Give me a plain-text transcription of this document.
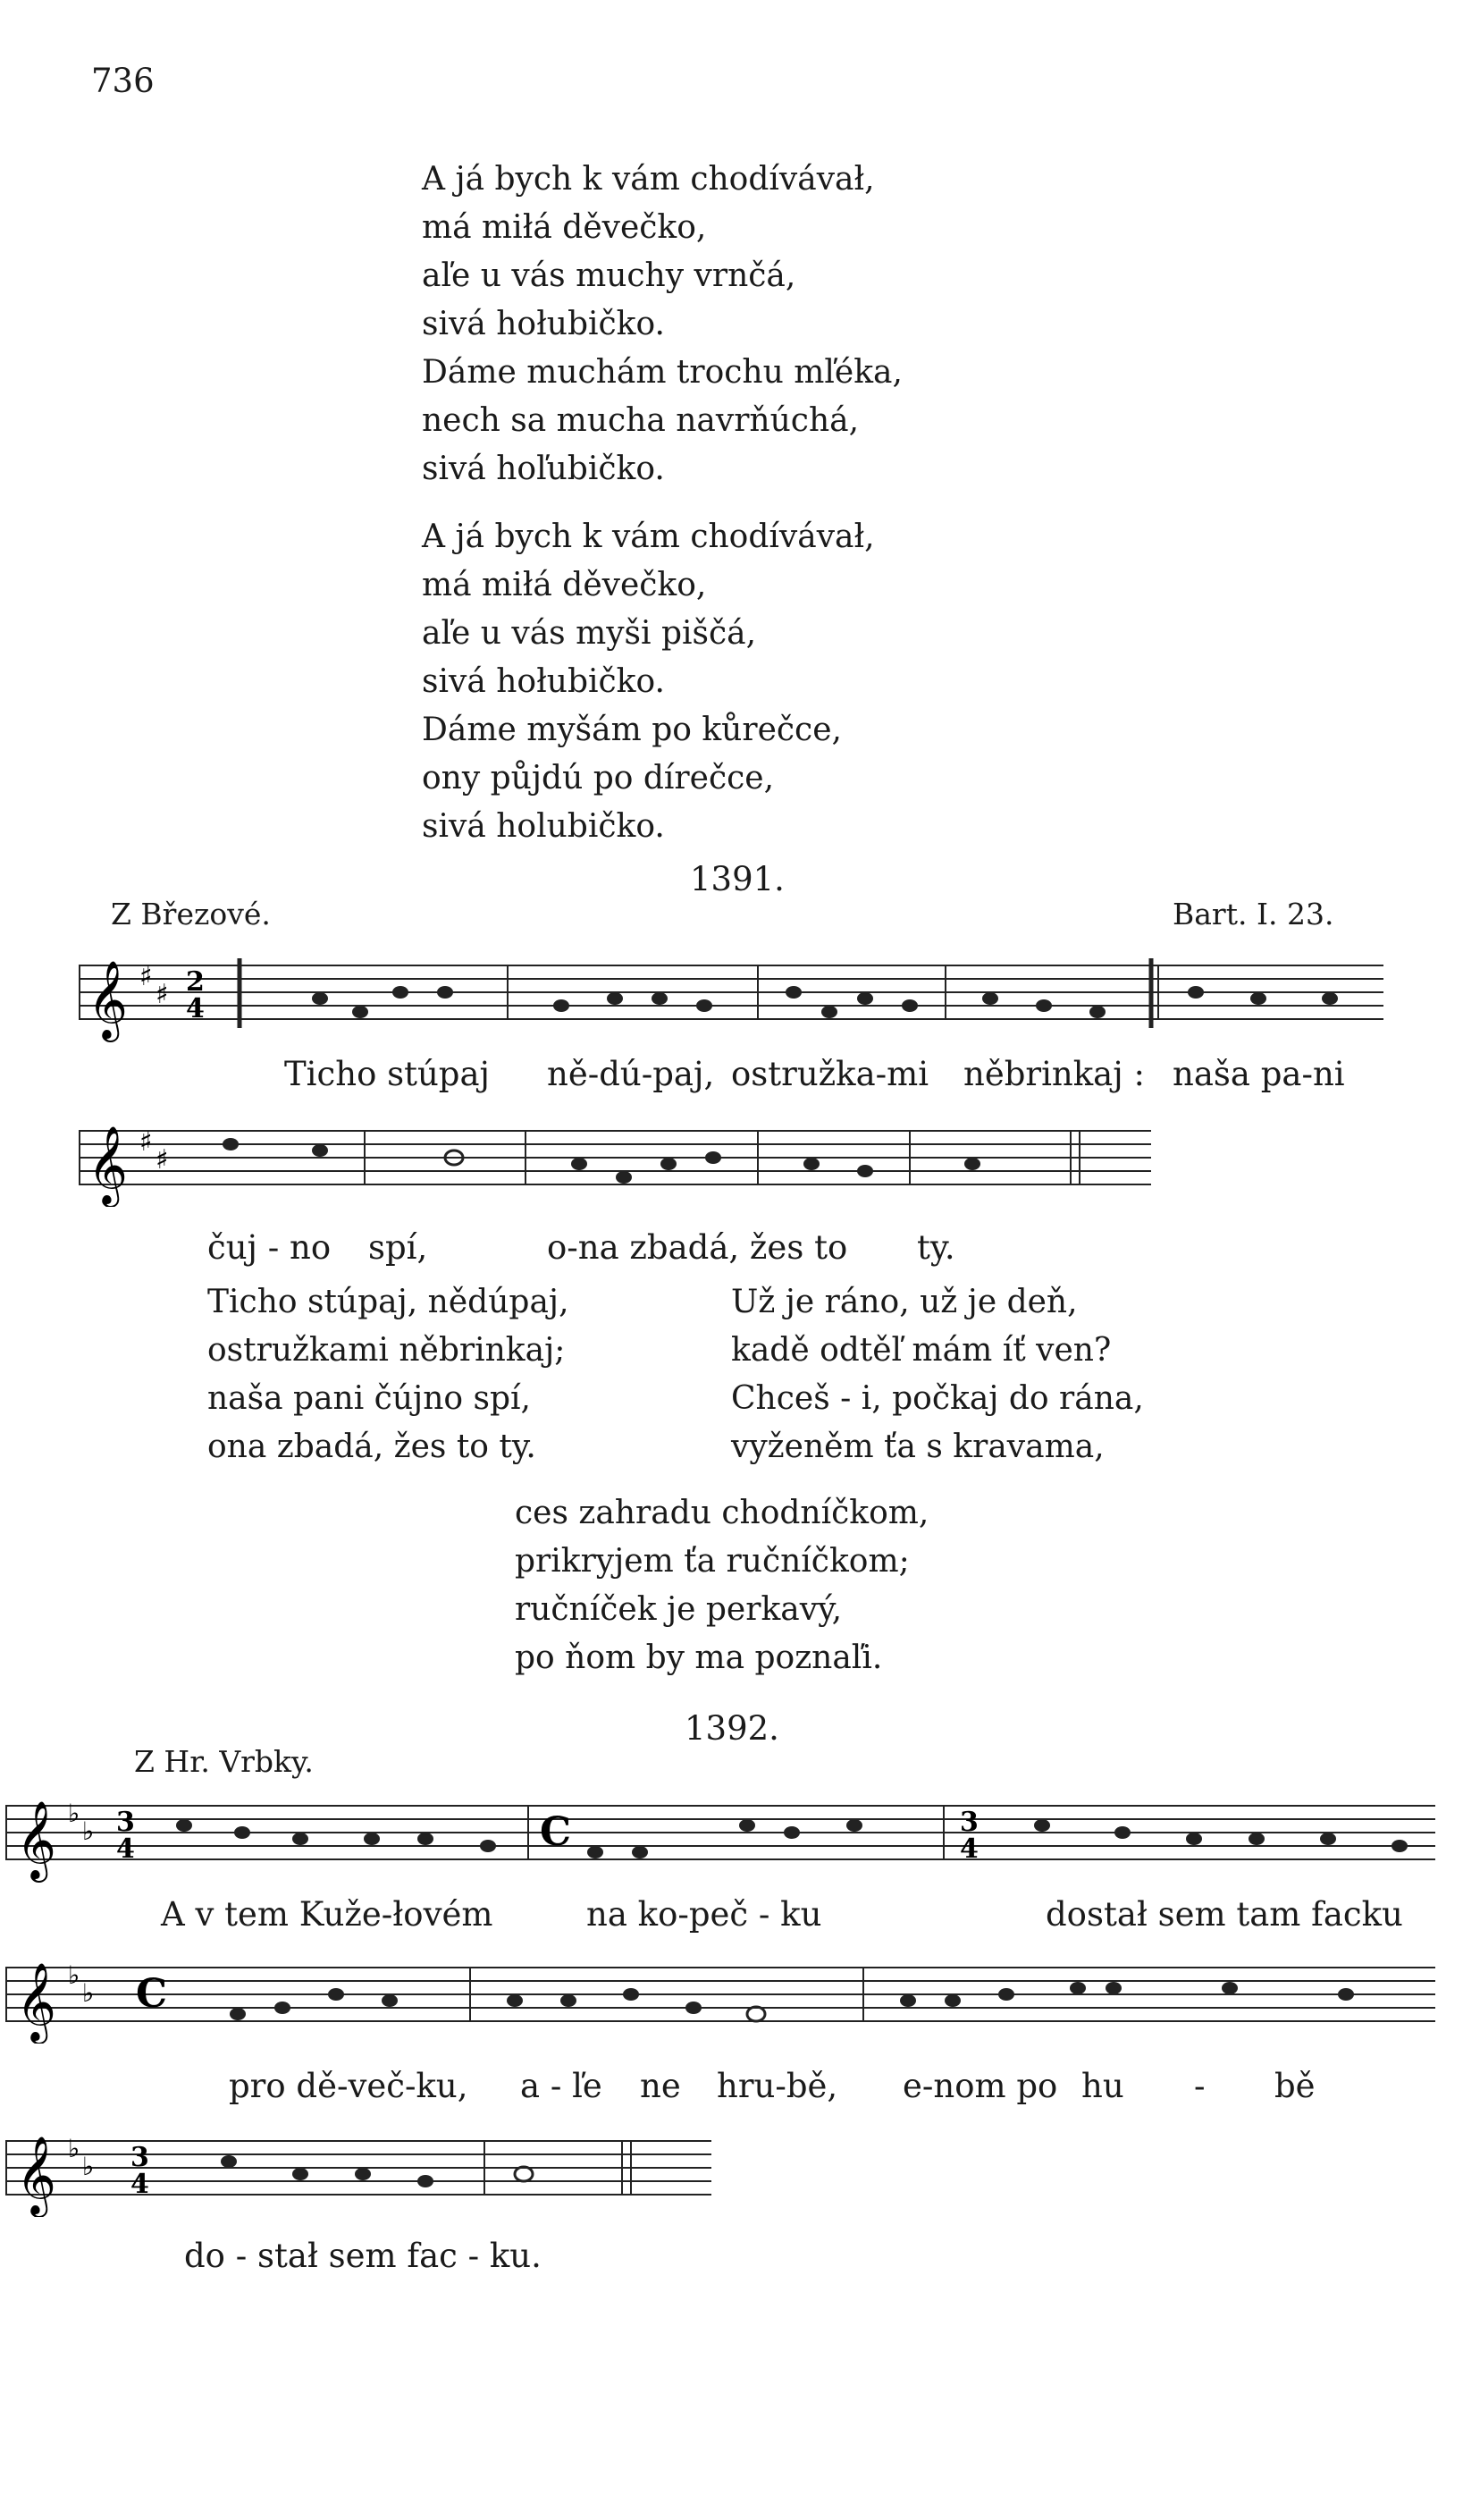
736
A já bych k vám chodívávał,
má miłá děvečko,
aľe u vás muchy vrnčá,
sivá hołubičko.
Dáme muchám trochu mľéka,
nech sa mucha navrňúchá,
sivá hoľubičko.
A já bych k vám chodívávał,
má miłá děvečko,
aľe u vás myši piščá,
sivá hołubičko.
Dáme myšám po kůrečce,
ony půjdú po dírečce,
sivá holubičko.
1391.
Z Březové.	Bart. I. 23.
𝄞 ♯
♯ 2
4
Ticho stúpaj ně-dú-paj, ostružka-mi něbrinkaj : naša pa-ni
𝄞 ♯
♯
čuj - no spí,	o-na zbadá, žes to ty.
Ticho stúpaj, nědúpaj,
ostružkami něbrinkaj;
naša pani čújno spí,
ona zbadá, žes to ty.
Už je ráno, už je deň,
kadě odtěľ mám íť ven?
Chceš - i, počkaj do rána,
vyženěm ťa s kravama,
ces zahradu chodníčkom,
prikryjem ťa ručníčkom;
ručníček je perkavý,
po ňom by ma poznaľi.
1392.
Z Hr. Vrbky.
𝄞 ♭
♭ 3
4	C	3
4
A v tem Kuže-łovém	na ko-peč - ku	dostał sem tam facku
𝄞 ♭
♭ C
pro dě-več-ku, a - ľe ne hru-bě, e-nom po hu - bě
𝄞 ♭
♭ 3
4
do - stał sem fac - ku.
